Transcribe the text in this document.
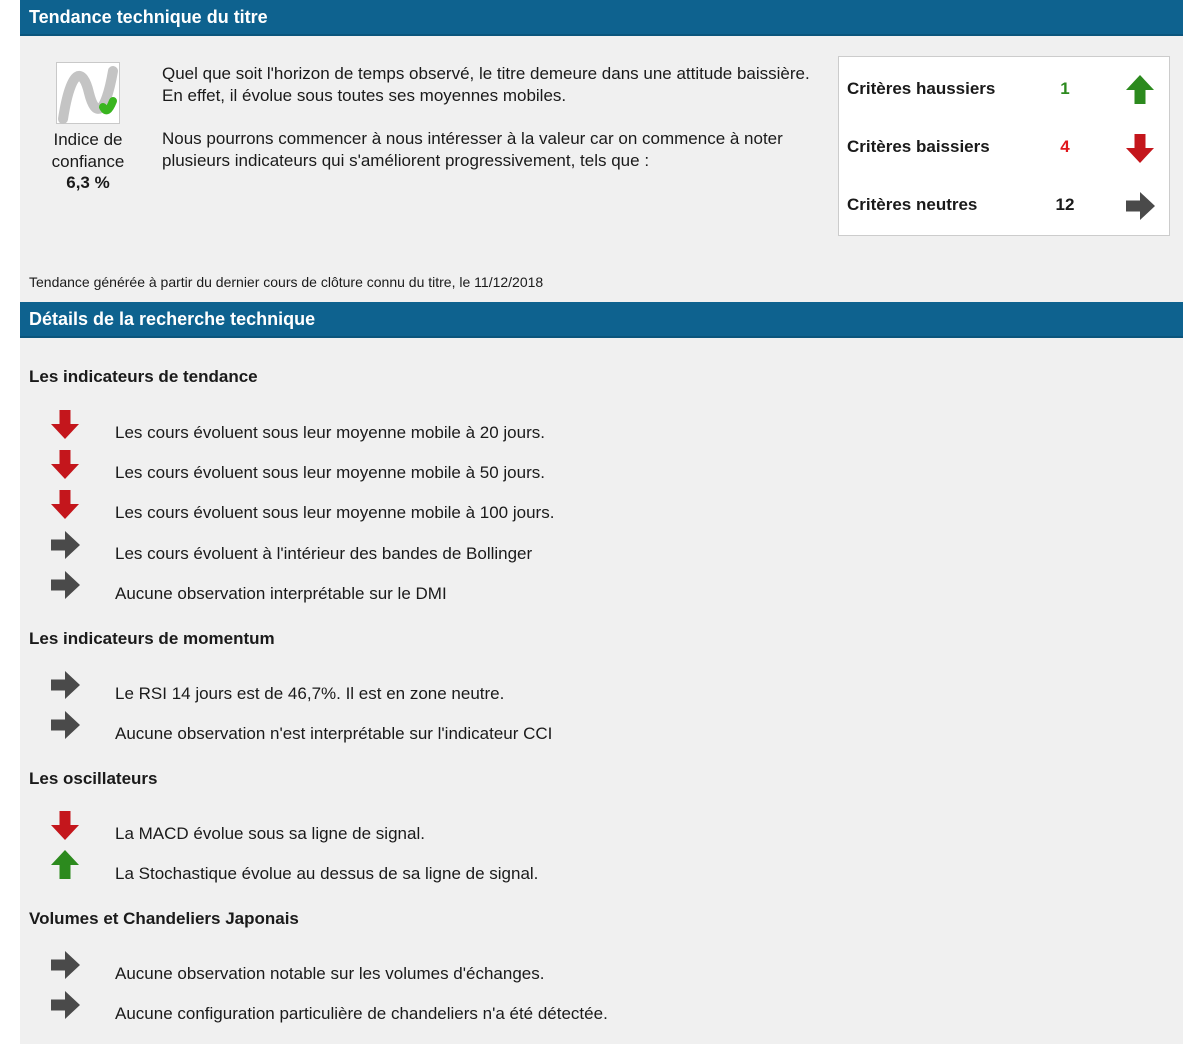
Tendance technique du titre
Indice de confiance
6,3 %

Quel que soit l'horizon de temps observé, le titre demeure dans une attitude baissière. En effet, il évolue sous toutes ses moyennes mobiles.

Nous pourrons commencer à nous intéresser à la valeur car on commence à noter plusieurs indicateurs qui s'améliorent progressivement, tels que :

Critères haussiers	1
Critères baissiers	4
Critères neutres	12
Tendance générée à partir du dernier cours de clôture connu du titre, le 11/12/2018
Détails de la recherche technique
Les indicateurs de tendance
Les cours évoluent sous leur moyenne mobile à 20 jours.
Les cours évoluent sous leur moyenne mobile à 50 jours.
Les cours évoluent sous leur moyenne mobile à 100 jours.
Les cours évoluent à l'intérieur des bandes de Bollinger
Aucune observation interprétable sur le DMI
Les indicateurs de momentum
Le RSI 14 jours est de 46,7%. Il est en zone neutre.
Aucune observation n'est interprétable sur l'indicateur CCI
Les oscillateurs
La MACD évolue sous sa ligne de signal.
La Stochastique évolue au dessus de sa ligne de signal.
Volumes et Chandeliers Japonais
Aucune observation notable sur les volumes d'échanges.
Aucune configuration particulière de chandeliers n'a été détectée.
